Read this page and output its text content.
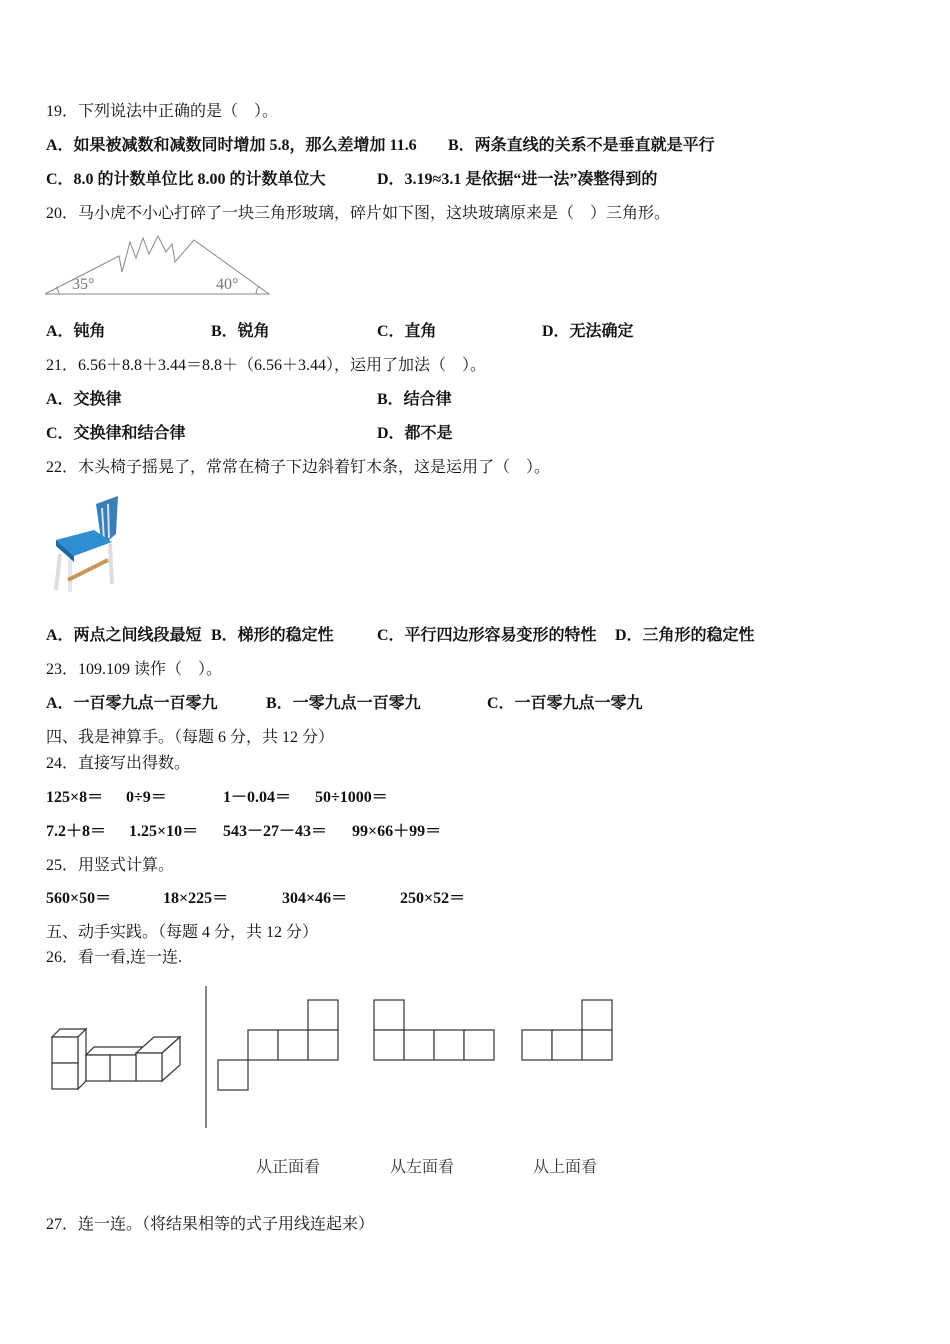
19．下列说法中正确的是（　）。
A．如果被减数和减数同时增加 5.8，那么差增加 11.6 B．两条直线的关系不是垂直就是平行
C．8.0 的计数单位比 8.00 的计数单位大	D．3.19≈3.1 是依据“进一法”凑整得到的
20．马小虎不小心打碎了一块三角形玻璃，碎片如下图，这块玻璃原来是（　）三角形。
35°	40°
A．钝角	B．锐角	C．直角	D．无法确定
21．6.56＋8.8＋3.44＝8.8＋（6.56＋3.44），运用了加法（　）。
A．交换律	B．结合律
C．交换律和结合律	D．都不是
22．木头椅子摇晃了，常常在椅子下边斜着钉木条，这是运用了（　）。
A．两点之间线段最短 B．梯形的稳定性	C．平行四边形容易变形的特性 D．三角形的稳定性
23．109.109 读作（　）。
A．一百零九点一百零九	B．一零九点一百零九	C．一百零九点一零九
四、我是神算手。（每题 6 分，共 12 分）
24．直接写出得数。
125×8＝ 0÷9＝	1－0.04＝ 50÷1000＝
7.2＋8＝ 1.25×10＝ 543－27－43＝ 99×66＋99＝
25．用竖式计算。
560×50＝	18×225＝	304×46＝	250×52＝
五、动手实践。（每题 4 分，共 12 分）
26．看一看,连一连.
从正面看	从左面看	从上面看
27．连一连。（将结果相等的式子用线连起来）
